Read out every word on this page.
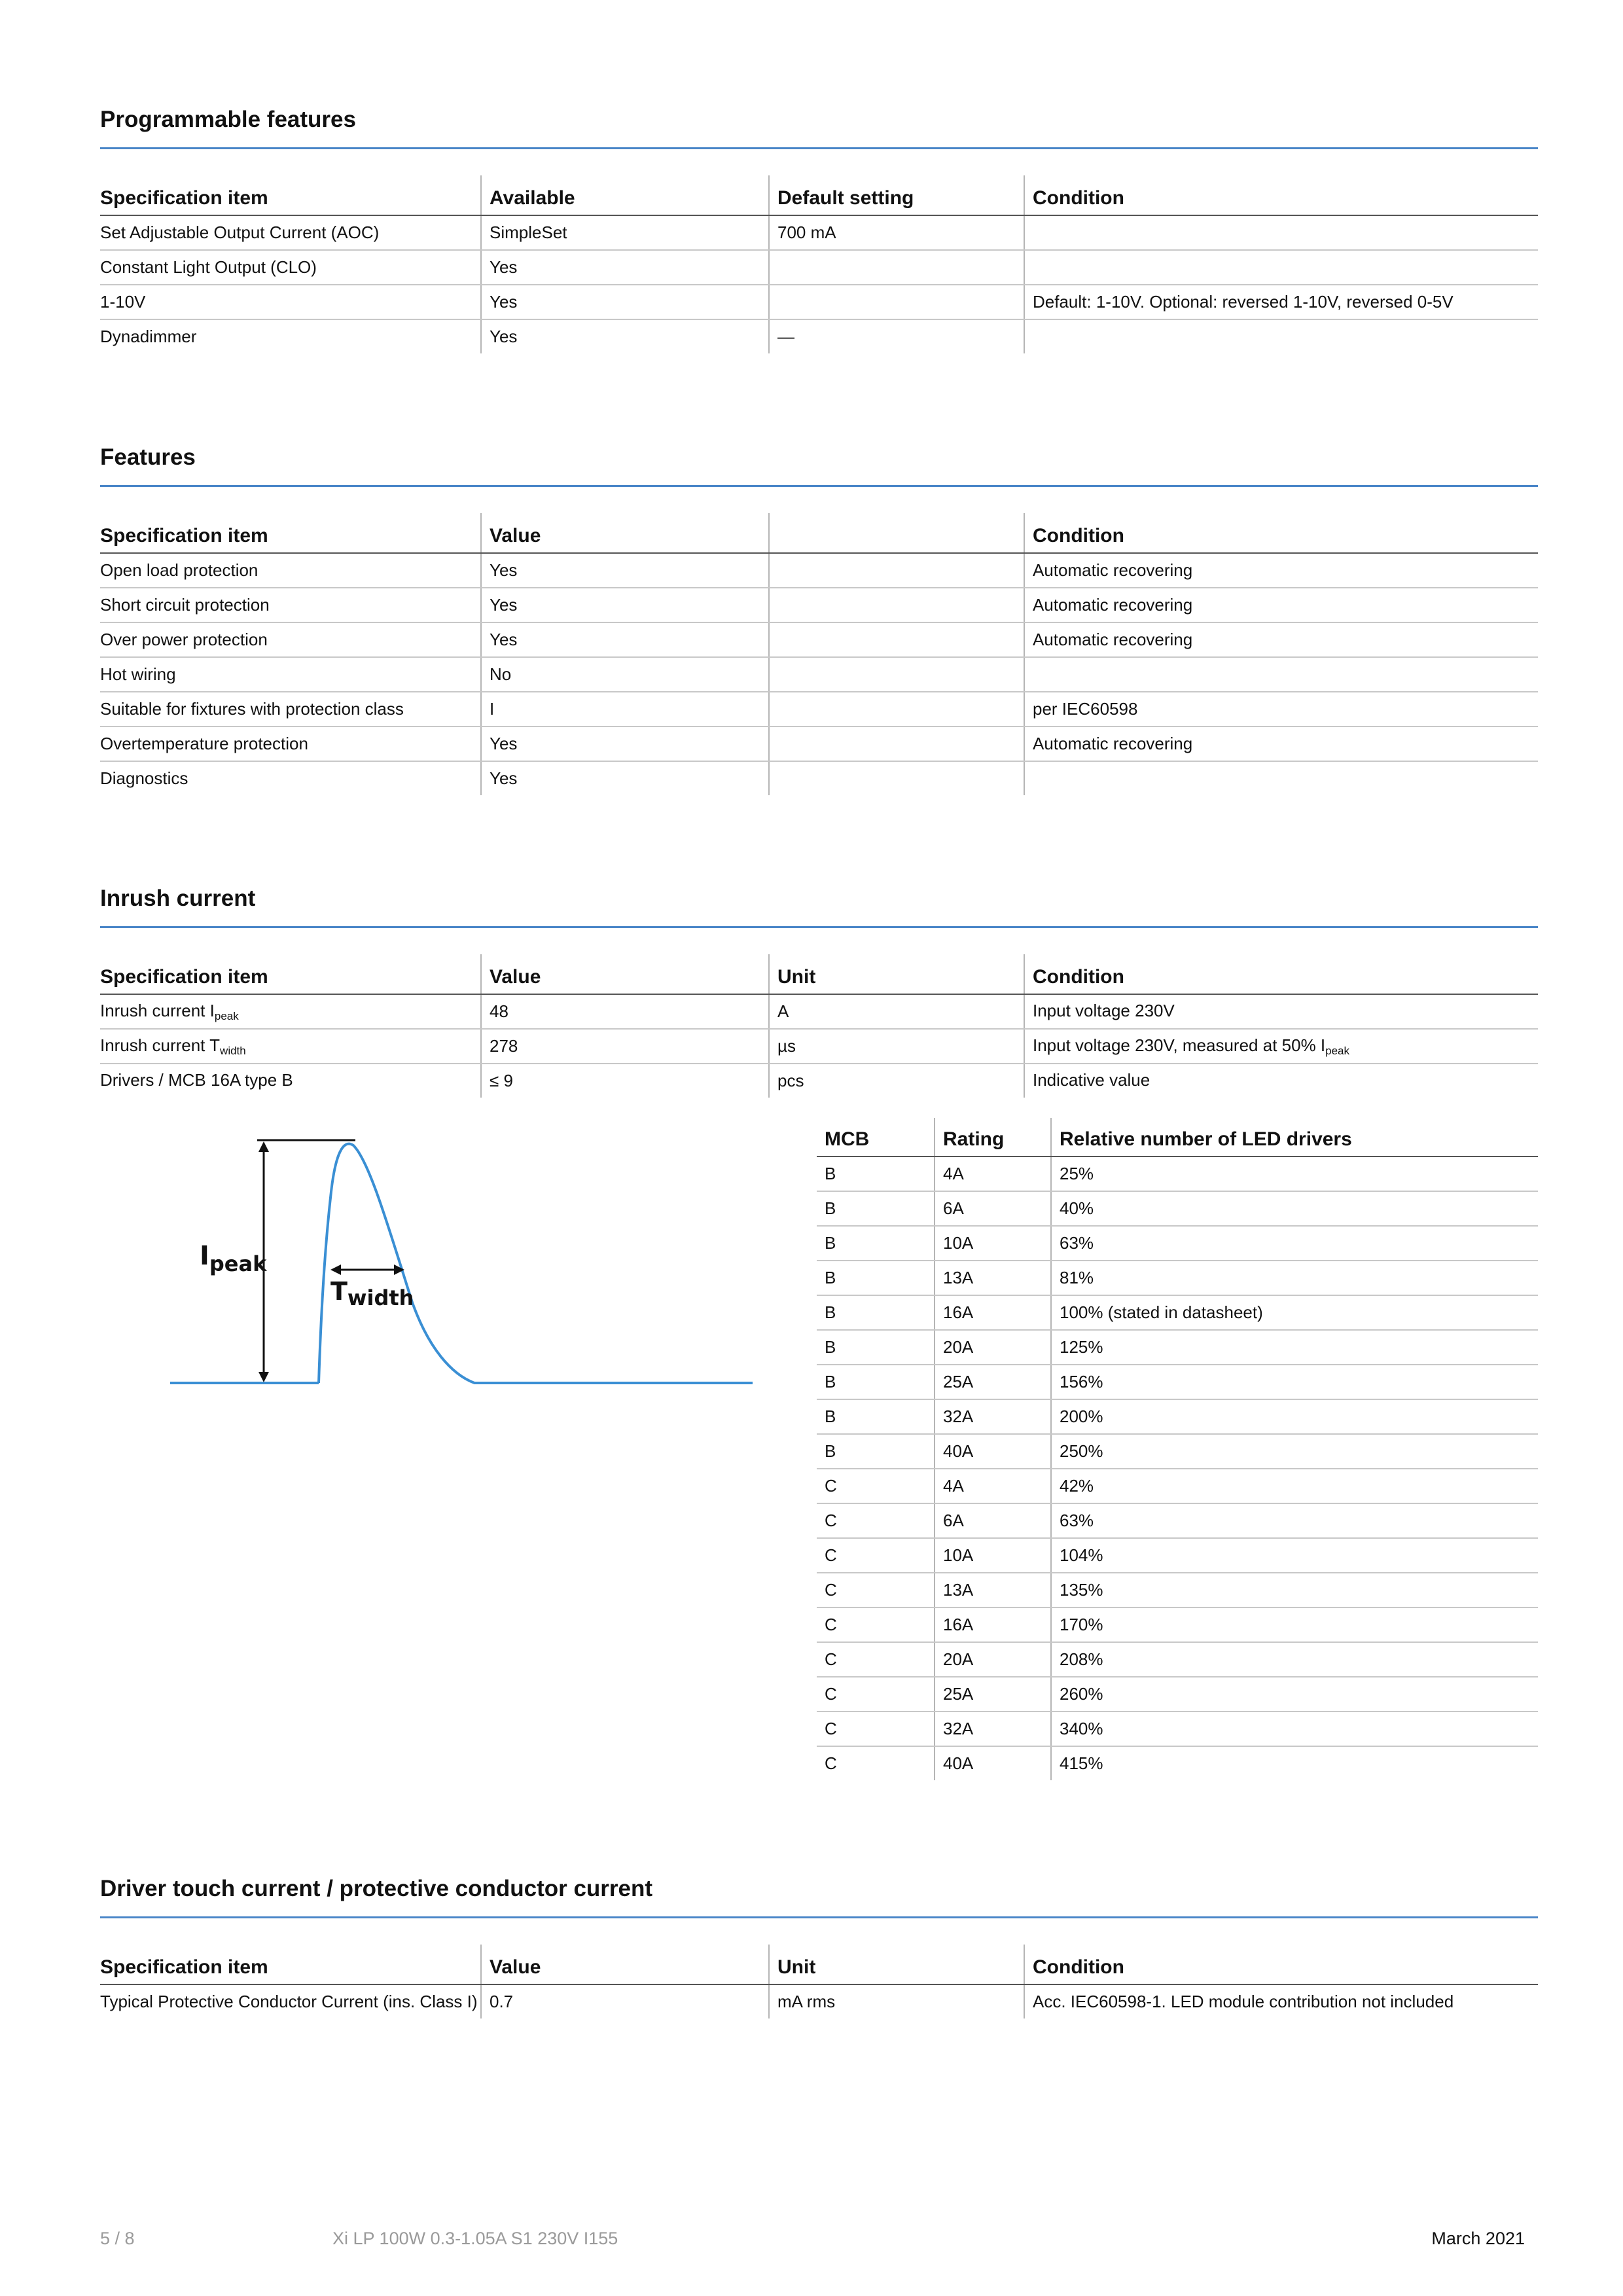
Programmable features
Specification item	Available	Default setting	Condition
Set Adjustable Output Current (AOC)	SimpleSet	700 mA	
Constant Light Output (CLO)	Yes		
1-10V	Yes		Default: 1-10V. Optional: reversed 1-10V, reversed 0-5V
Dynadimmer	Yes	—	
Features
Specification item	Value		Condition
Open load protection	Yes		Automatic recovering
Short circuit protection	Yes		Automatic recovering
Over power protection	Yes		Automatic recovering
Hot wiring	No		
Suitable for fixtures with protection class	I		per IEC60598
Overtemperature protection	Yes		Automatic recovering
Diagnostics	Yes		
Inrush current
Specification item	Value	Unit	Condition
Inrush current $I_{peak}$	48	A	Input voltage 230V
Inrush current $T_{width}$	278	µs	Input voltage 230V, measured at 50% $I_{peak}$
Drivers / MCB 16A type B	≤ 9	pcs	Indicative value
$I_{peak}$
$T_{width}$
MCB	Rating	Relative number of LED drivers
B	4A	25%
B	6A	40%
B	10A	63%
B	13A	81%
B	16A	100% (stated in datasheet)
B	20A	125%
B	25A	156%
B	32A	200%
B	40A	250%
C	4A	42%
C	6A	63%
C	10A	104%
C	13A	135%
C	16A	170%
C	20A	208%
C	25A	260%
C	32A	340%
C	40A	415%
Driver touch current / protective conductor current
Specification item	Value	Unit	Condition
Typical Protective Conductor Current (ins. Class I)	0.7	mA rms	Acc. IEC60598-1. LED module contribution not included
5 / 8	Xi LP 100W 0.3-1.05A S1 230V I155	March 2021
